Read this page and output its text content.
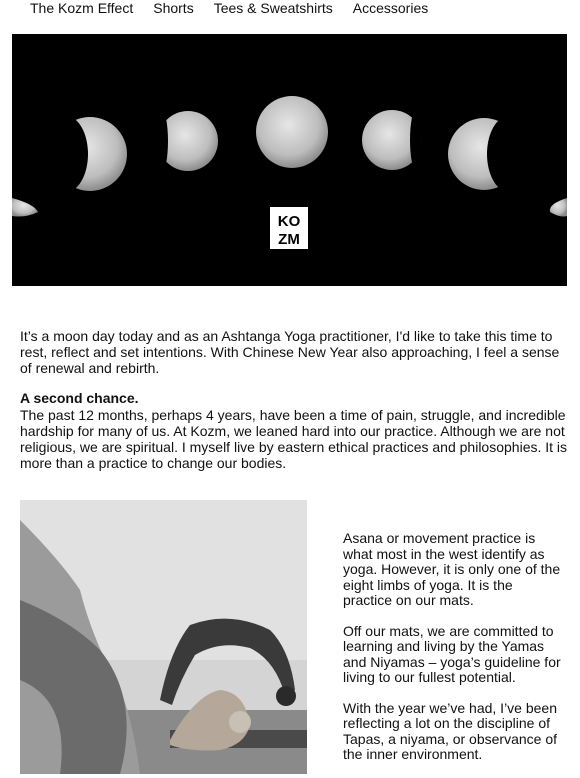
The Kozm Effect Shorts Tees & Sweatshirts Accessories
KO
ZM

It’s a moon day today and as an Ashtanga Yoga practitioner, I'd like to take this time to rest, reflect and set intentions. With Chinese New Year also approaching, I feel a sense of renewal and rebirth.

A second chance.

The past 12 months, perhaps 4 years, have been a time of pain, struggle, and incredible hardship for many of us. At Kozm, we leaned hard into our practice. Although we are not religious, we are spiritual. I myself live by eastern ethical practices and philosophies. It is more than a practice to change our bodies.

Asana or movement practice is what most in the west identify as yoga. However, it is only one of the eight limbs of yoga. It is the practice on our mats.

Off our mats, we are committed to learning and living by the Yamas and Niyamas – yoga’s guideline for living to our fullest potential.

With the year we’ve had, I’ve been reflecting a lot on the discipline of Tapas, a niyama, or observance of the inner environment.
